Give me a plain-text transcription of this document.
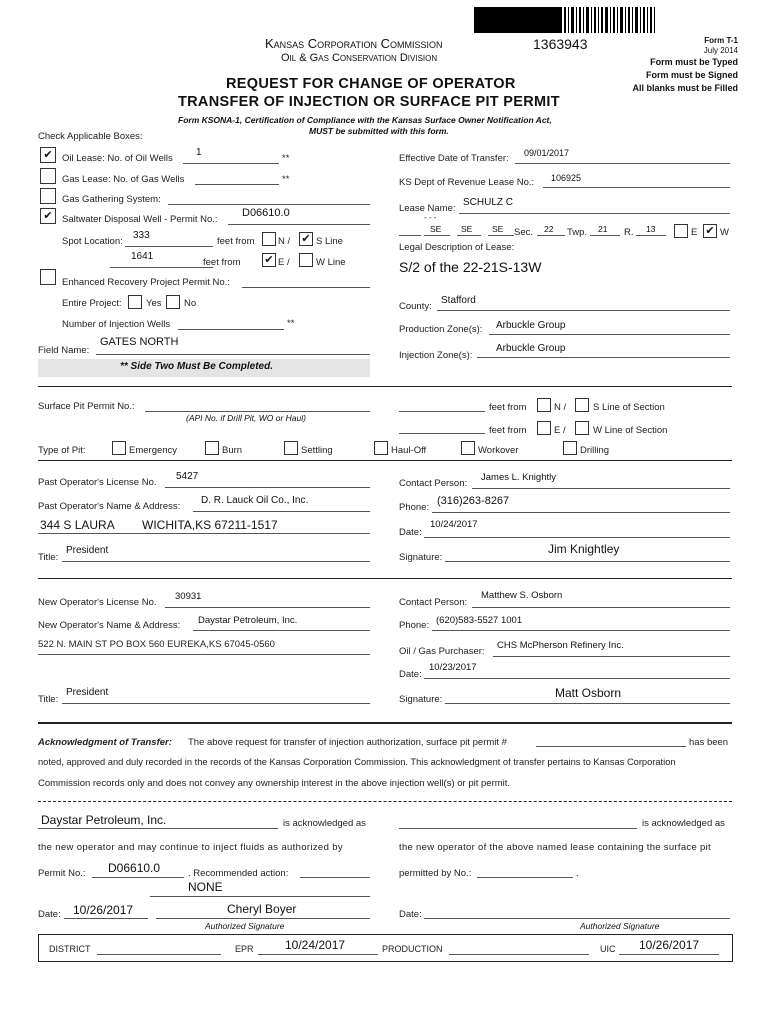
Kansas Corporation Commission
Oil & Gas Conservation Division
1363943	Form T-1
July 2014
Form must be Typed
Form must be Signed
All blanks must be Filled
REQUEST FOR CHANGE OF OPERATOR
TRANSFER OF INJECTION OR SURFACE PIT PERMIT
Form KSONA-1, Certification of Compliance with the Kansas Surface Owner Notification Act,
MUST be submitted with this form.
Check Applicable Boxes:
✔ Oil Lease: No. of Oil Wells
1
**
Gas Lease: No. of Gas Wells	**
Gas Gathering System:
✔ Saltwater Disposal Well - Permit No.:
D06610.0
Spot Location:
333
feet from N / ✔ S Line
1641
feet from ✔ E /	W Line
Enhanced Recovery Project Permit No.:
Entire Project:	Yes No
Number of Injection Wells	**
Field Name:
GATES NORTH
** Side Two Must Be Completed.
Effective Date of Transfer: 09/01/2017
KS Dept of Revenue Lease No.: 106925
Lease Name:
SCHULZ C
- - -
SE SE SE Sec. 22 Twp. 21 R. 13	E ✔ W
Legal Description of Lease:
S/2 of the 22-21S-13W
County:
Stafford
Production Zone(s): Arbuckle Group
Injection Zone(s):
Arbuckle Group
Surface Pit Permit No.:
(API No. if Drill Pit, WO or Haul)
feet from	N /	S Line of Section
feet from	E /	W Line of Section
Type of Pit:	Emergency	Burn	Settling	Haul-Off	Workover	Drilling
Past Operator's License No.
5427
Past Operator's Name & Address:
D. R. Lauck Oil Co., Inc.
344 S LAURA WICHITA,KS 67211-1517
Title:
President
Contact Person:
James L. Knightly
Phone:
(316)263-8267
Date:
10/24/2017
Signature:
Jim Knightley
New Operator's License No.
30931
New Operator's Name & Address: Daystar Petroleum, Inc.
522 N. MAIN ST PO BOX 560 EUREKA,KS 67045-0560
Title:
President
Contact Person:
Matthew S. Osborn
Phone: (620)583-5527 1001
Oil / Gas Purchaser:
CHS McPherson Refinery Inc.
Date:
10/23/2017
Signature:	Matt Osborn
Acknowledgment of Transfer: The above request for transfer of injection authorization, surface pit permit #	has been
noted, approved and duly recorded in the records of the Kansas Corporation Commission. This acknowledgment of transfer pertains to Kansas Corporation
Commission records only and does not convey any ownership interest in the above injection well(s) or pit permit.
Daystar Petroleum, Inc.	is acknowledged as
the new operator and may continue to inject fluids as authorized by
Permit No.: D06610.0	. Recommended action:
NONE
Date: 10/26/2017	Cheryl Boyer
Authorized Signature
is acknowledged as
the new operator of the above named lease containing the surface pit
permitted by No.:	.
Date:
Authorized Signature
DISTRICT	EPR	10/24/2017	PRODUCTION	UIC 10/26/2017
